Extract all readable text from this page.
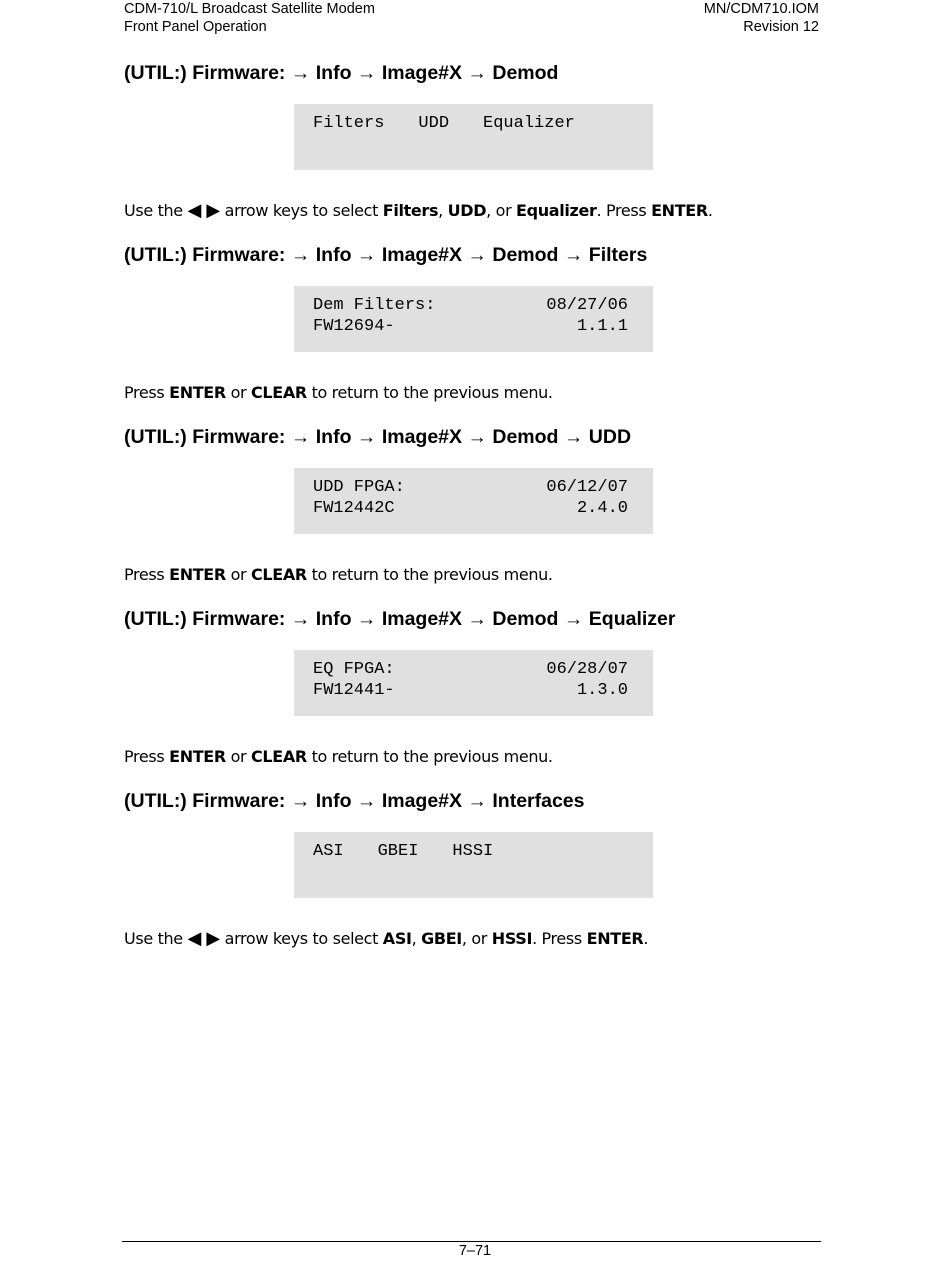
CDM-710/L Broadcast Satellite Modem	MN/CDM710.IOM
Front Panel Operation	Revision 12
(UTIL:) Firmware: → Info → Image#X → Demod
Filters UDD Equalizer

Use the ◀ ▶ arrow keys to select Filters, UDD, or Equalizer. Press ENTER.

(UTIL:) Firmware: → Info → Image#X → Demod → Filters
Dem Filters:	08/27/06
FW12694-	1.1.1

Press ENTER or CLEAR to return to the previous menu.

(UTIL:) Firmware: → Info → Image#X → Demod → UDD
UDD FPGA:	06/12/07
FW12442C	2.4.0

Press ENTER or CLEAR to return to the previous menu.

(UTIL:) Firmware: → Info → Image#X → Demod → Equalizer
EQ FPGA:	06/28/07
FW12441-	1.3.0

Press ENTER or CLEAR to return to the previous menu.

(UTIL:) Firmware: → Info → Image#X → Interfaces
ASI GBEI HSSI

Use the ◀ ▶ arrow keys to select ASI, GBEI, or HSSI. Press ENTER.

7–71
